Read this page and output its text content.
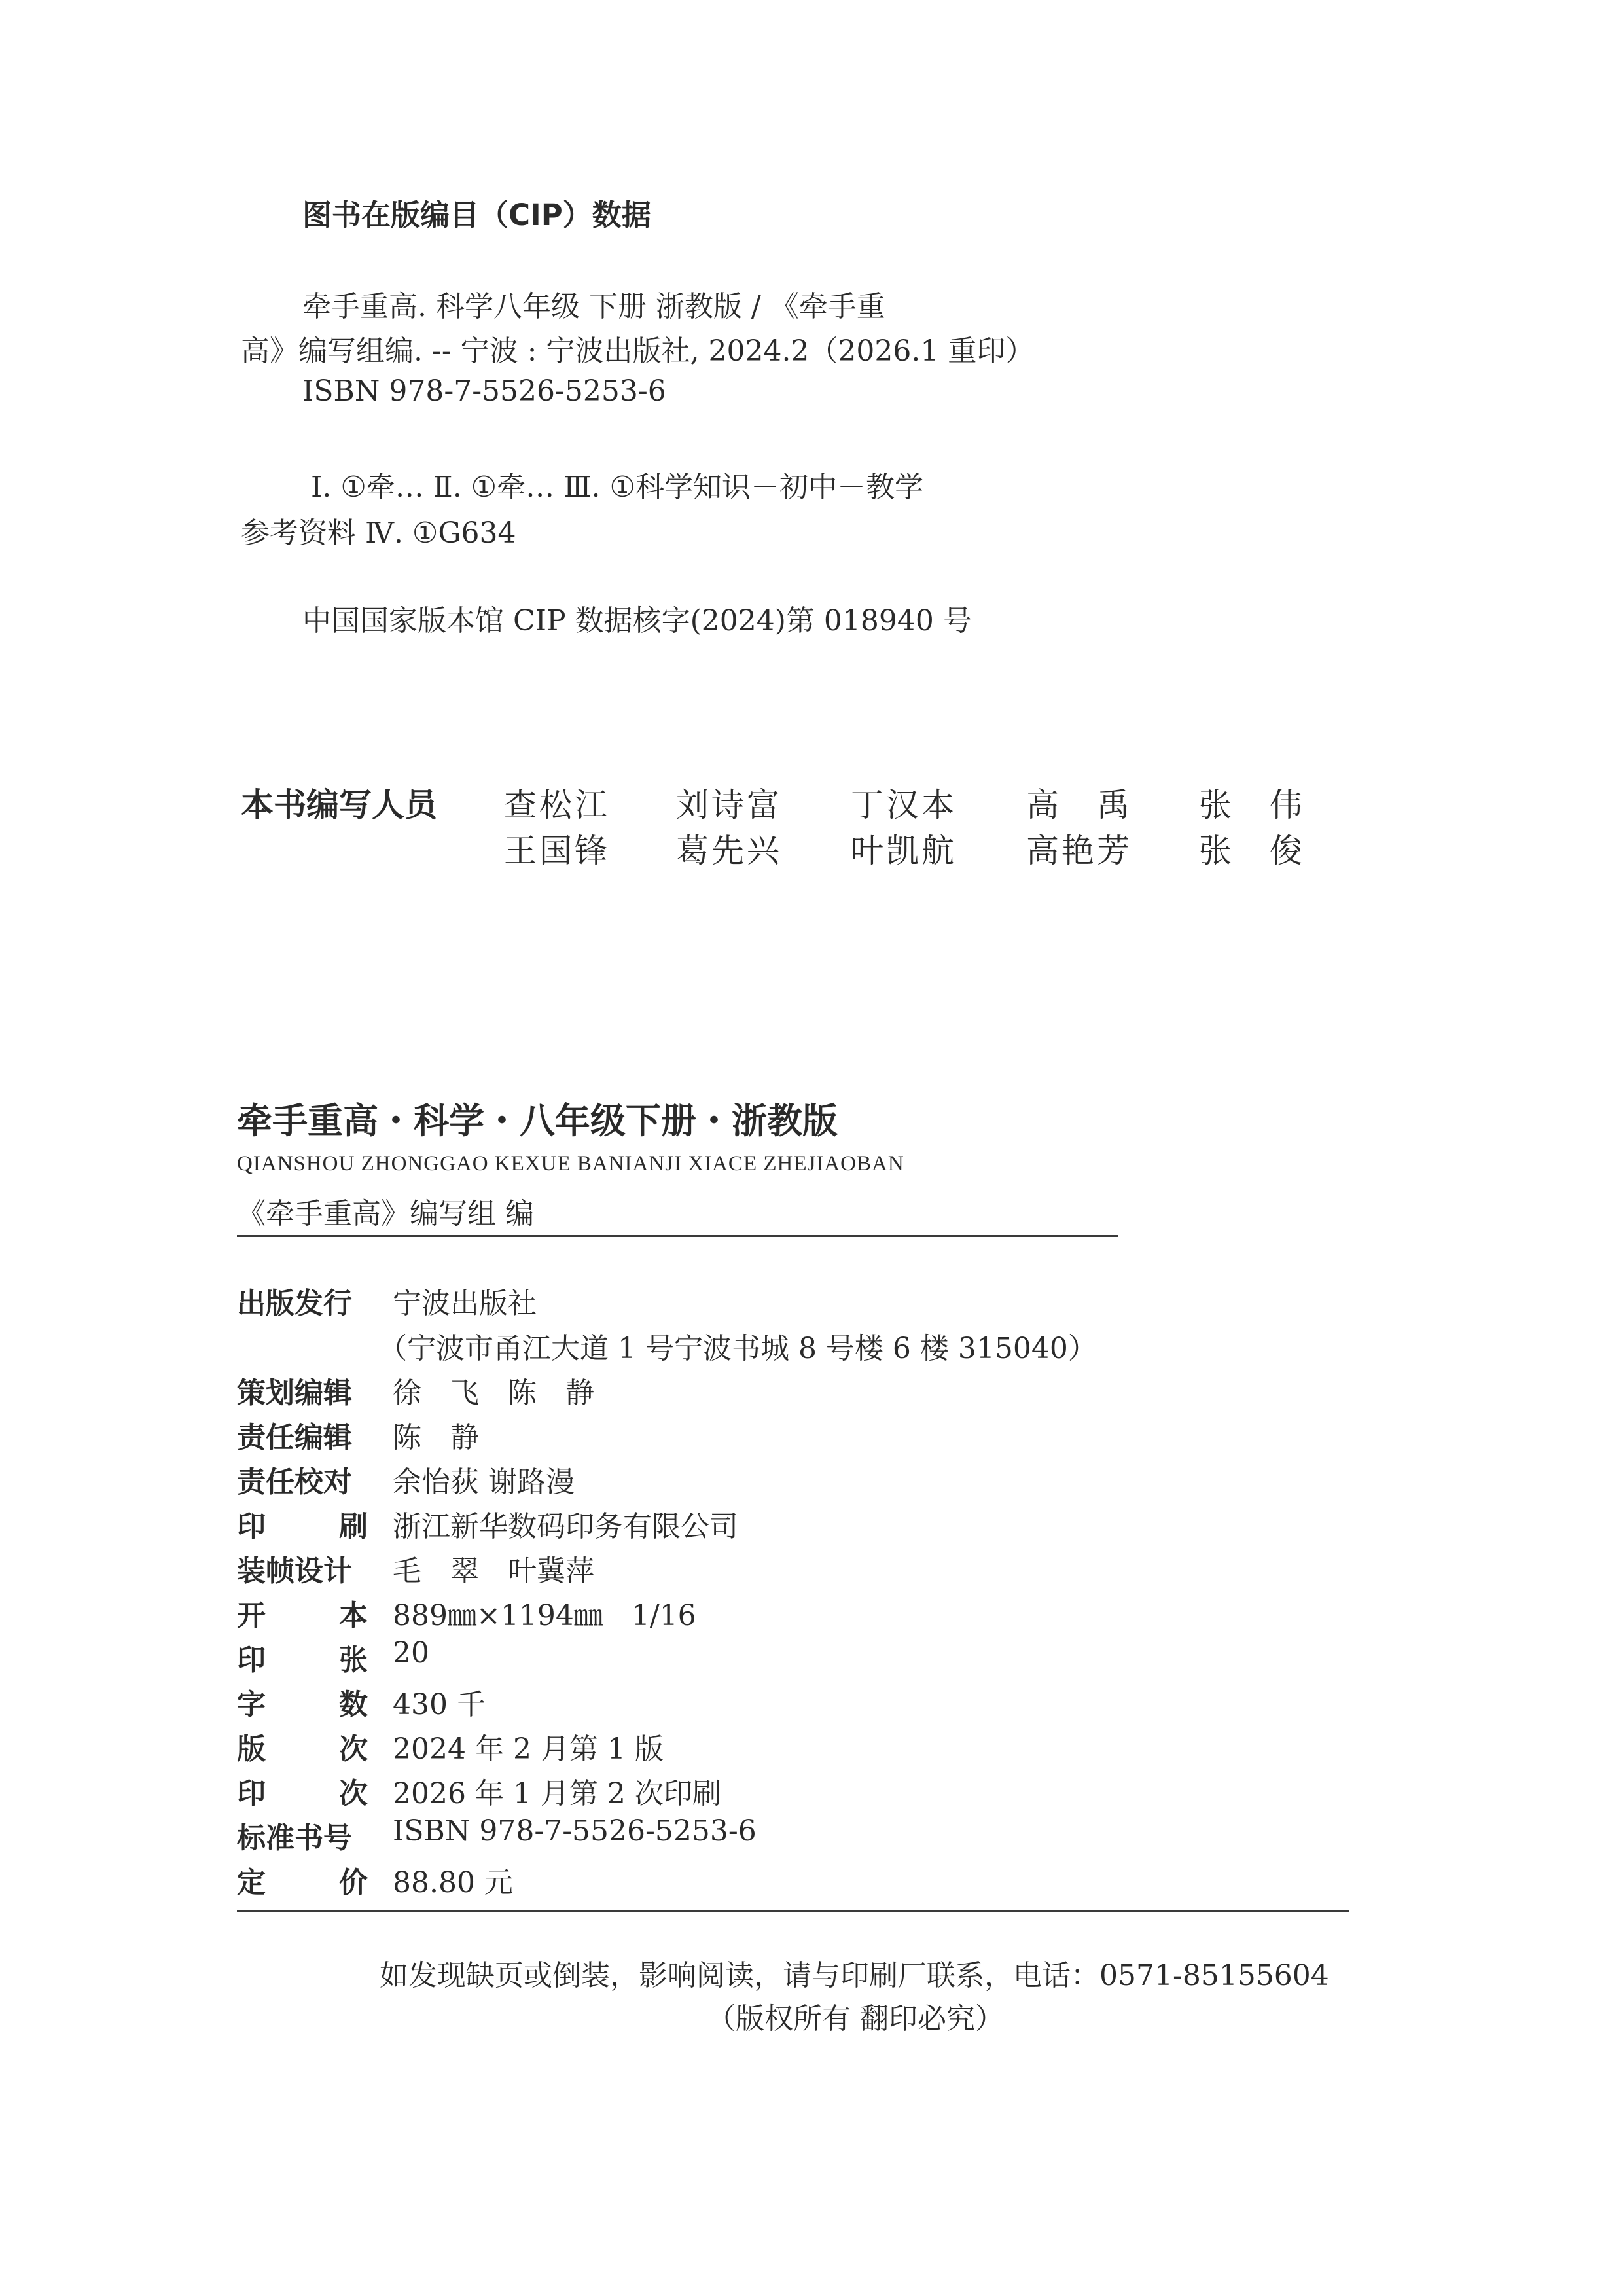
图书在版编目（CIP）数据
牵手重高. 科学八年级 下册 浙教版 / 《牵手重
高》编写组编. -- 宁波 : 宁波出版社, 2024.2（2026.1 重印）
ISBN 978-7-5526-5253-6
Ⅰ. ①牵… Ⅱ. ①牵… Ⅲ. ①科学知识－初中－教学
参考资料 Ⅳ. ①G634
中国国家版本馆 CIP 数据核字(2024)第 018940 号
本书编写人员 查松江 刘诗富 丁汉本 高　禹 张　伟
王国锋 葛先兴 叶凯航 高艳芳 张　俊
牵手重高・科学・八年级下册・浙教版
QIANSHOU ZHONGGAO KEXUE BANIANJI XIACE ZHEJIAOBAN
《牵手重高》编写组 编
出版发行	宁波出版社
（宁波市甬江大道 1 号宁波书城 8 号楼 6 楼 315040）
策划编辑	徐　飞　陈　静
责任编辑	陈　静
责任校对	余怡荻 谢路漫
印	刷 浙江新华数码印务有限公司
装帧设计	毛　翠　叶冀萍
开	本 889㎜×1194㎜　1/16
印	张 20
字	数 430 千
版	次 2024 年 2 月第 1 版
印	次 2026 年 1 月第 2 次印刷
标准书号	ISBN 978-7-5526-5253-6
定	价 88.80 元
如发现缺页或倒装，影响阅读，请与印刷厂联系，电话：0571-85155604
（版权所有 翻印必究）
